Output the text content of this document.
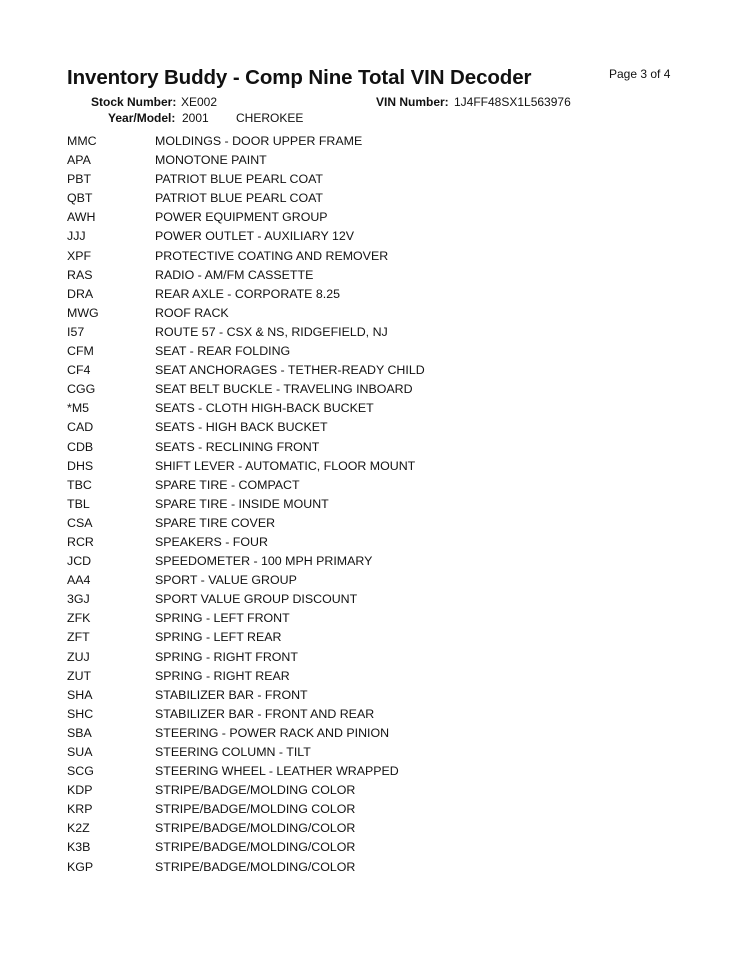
Inventory Buddy - Comp Nine Total VIN Decoder	Page 3 of 4
Stock Number: XE002	VIN Number: 1J4FF48SX1L563976
Year/Model: 2001 CHEROKEE
MMC	MOLDINGS - DOOR UPPER FRAME
APA	MONOTONE PAINT
PBT	PATRIOT BLUE PEARL COAT
QBT	PATRIOT BLUE PEARL COAT
AWH	POWER EQUIPMENT GROUP
JJJ	POWER OUTLET - AUXILIARY 12V
XPF	PROTECTIVE COATING AND REMOVER
RAS	RADIO - AM/FM CASSETTE
DRA	REAR AXLE - CORPORATE 8.25
MWG	ROOF RACK
I57	ROUTE 57 - CSX & NS, RIDGEFIELD, NJ
CFM	SEAT - REAR FOLDING
CF4	SEAT ANCHORAGES - TETHER-READY CHILD
CGG	SEAT BELT BUCKLE - TRAVELING INBOARD
*M5	SEATS - CLOTH HIGH-BACK BUCKET
CAD	SEATS - HIGH BACK BUCKET
CDB	SEATS - RECLINING FRONT
DHS	SHIFT LEVER - AUTOMATIC, FLOOR MOUNT
TBC	SPARE TIRE - COMPACT
TBL	SPARE TIRE - INSIDE MOUNT
CSA	SPARE TIRE COVER
RCR	SPEAKERS - FOUR
JCD	SPEEDOMETER - 100 MPH PRIMARY
AA4	SPORT - VALUE GROUP
3GJ	SPORT VALUE GROUP DISCOUNT
ZFK	SPRING - LEFT FRONT
ZFT	SPRING - LEFT REAR
ZUJ	SPRING - RIGHT FRONT
ZUT	SPRING - RIGHT REAR
SHA	STABILIZER BAR - FRONT
SHC	STABILIZER BAR - FRONT AND REAR
SBA	STEERING - POWER RACK AND PINION
SUA	STEERING COLUMN - TILT
SCG	STEERING WHEEL - LEATHER WRAPPED
KDP	STRIPE/BADGE/MOLDING COLOR
KRP	STRIPE/BADGE/MOLDING COLOR
K2Z	STRIPE/BADGE/MOLDING/COLOR
K3B	STRIPE/BADGE/MOLDING/COLOR
KGP	STRIPE/BADGE/MOLDING/COLOR
